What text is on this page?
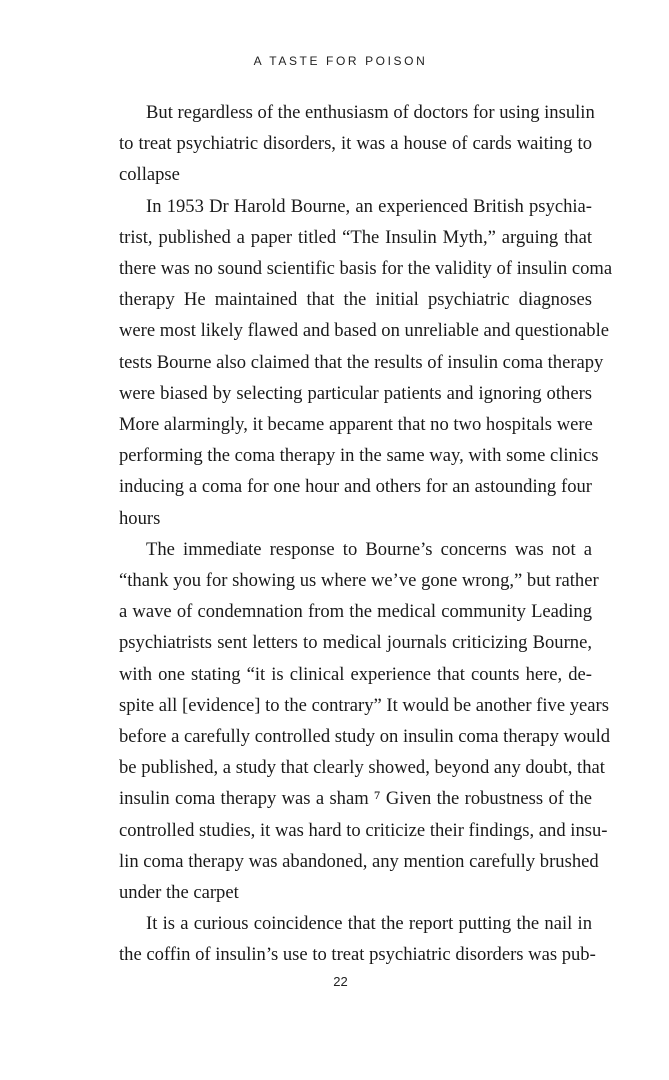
A TASTE FOR POISON

But regardless of the enthusiasm of doctors for using insulin
to treat psychiatric disorders, it was a house of cards waiting to
collapse

In 1953 Dr Harold Bourne, an experienced British psychia-
trist, published a paper titled “The Insulin Myth,” arguing that
there was no sound scientific basis for the validity of insulin coma
therapy He maintained that the initial psychiatric diagnoses
were most likely flawed and based on unreliable and questionable
tests Bourne also claimed that the results of insulin coma therapy
were biased by selecting particular patients and ignoring others
More alarmingly, it became apparent that no two hospitals were
performing the coma therapy in the same way, with some clinics
inducing a coma for one hour and others for an astounding four
hours

The immediate response to Bourne’s concerns was not a
“thank you for showing us where we’ve gone wrong,” but rather
a wave of condemnation from the medical community Leading
psychiatrists sent letters to medical journals criticizing Bourne,
with one stating “it is clinical experience that counts here, de-
spite all [evidence] to the contrary” It would be another five years
before a carefully controlled study on insulin coma therapy would
be published, a study that clearly showed, beyond any doubt, that
insulin coma therapy was a sham ⁷ Given the robustness of the
controlled studies, it was hard to criticize their findings, and insu-
lin coma therapy was abandoned, any mention carefully brushed
under the carpet

It is a curious coincidence that the report putting the nail in
the coffin of insulin’s use to treat psychiatric disorders was pub-

22
